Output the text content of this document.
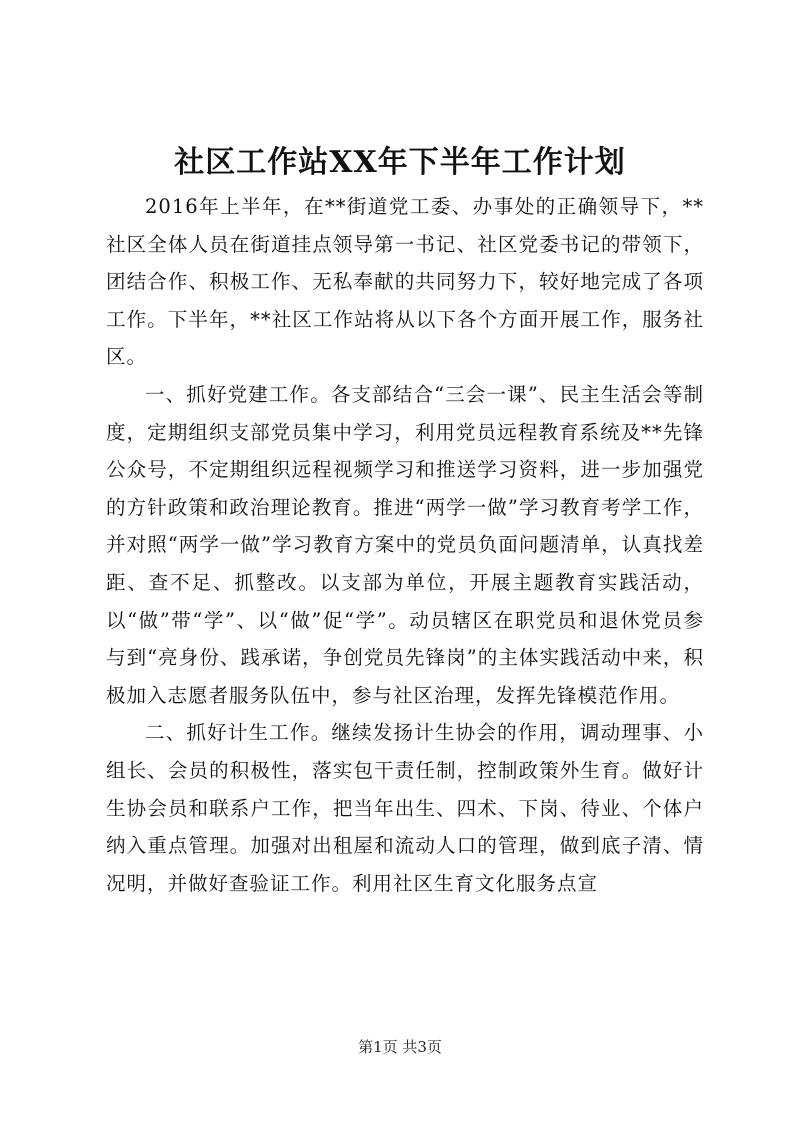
社区工作站XX年下半年工作计划

2016年上半年，在**街道党工委、办事处的正确领导下，**社区全体人员在街道挂点领导第一书记、社区党委书记的带领下，团结合作、积极工作、无私奉献的共同努力下，较好地完成了各项工作。下半年，**社区工作站将从以下各个方面开展工作，服务社区。

一、抓好党建工作。各支部结合“三会一课”、民主生活会等制度，定期组织支部党员集中学习，利用党员远程教育系统及**先锋公众号，不定期组织远程视频学习和推送学习资料，进一步加强党的方针政策和政治理论教育。推进“两学一做”学习教育考学工作，并对照“两学一做”学习教育方案中的党员负面问题清单，认真找差距、查不足、抓整改。以支部为单位，开展主题教育实践活动，以“做”带“学”、以“做”促“学”。动员辖区在职党员和退休党员参与到“亮身份、践承诺，争创党员先锋岗”的主体实践活动中来，积极加入志愿者服务队伍中，参与社区治理，发挥先锋模范作用。

二、抓好计生工作。继续发扬计生协会的作用，调动理事、小组长、会员的积极性，落实包干责任制，控制政策外生育。做好计生协会员和联系户工作，把当年出生、四术、下岗、待业、个体户纳入重点管理。加强对出租屋和流动人口的管理，做到底子清、情况明，并做好查验证工作。利用社区生育文化服务点宣

第1页 共3页
